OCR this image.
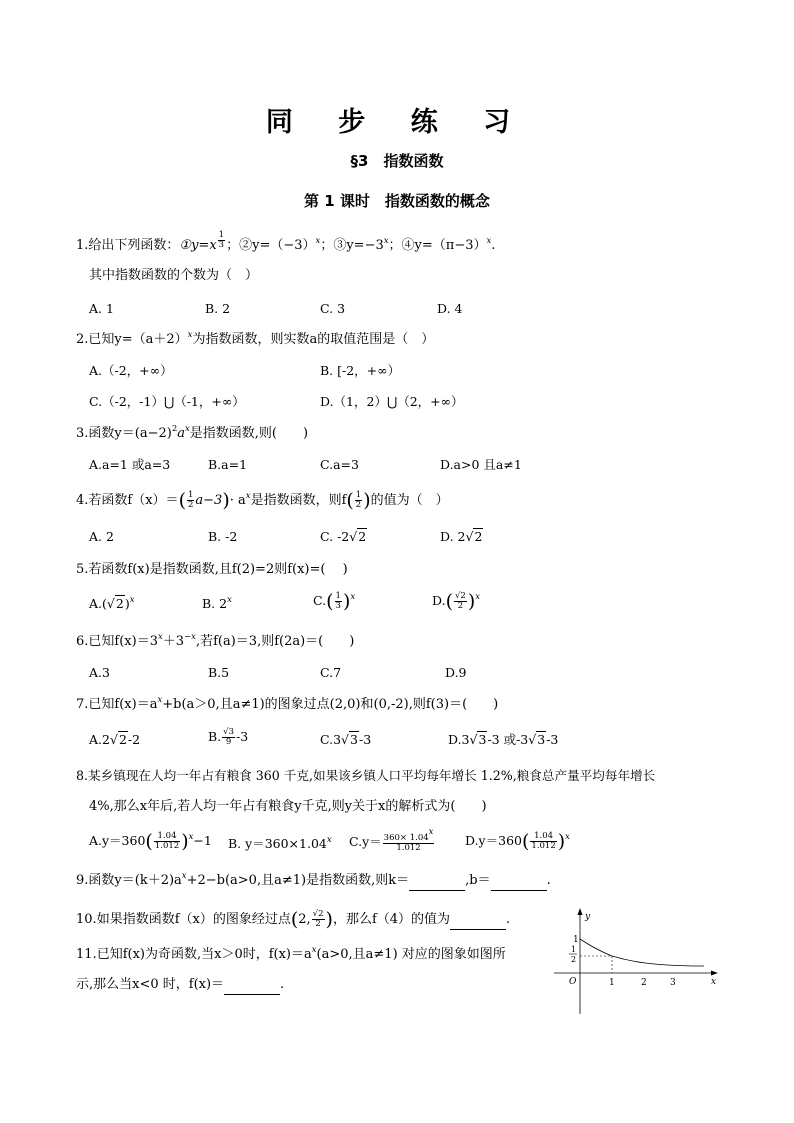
同 步 练 习
§3　指数函数
第 1 课时　指数函数的概念
1.给出下列函数：①y=x $^{\frac{1}{3}}$ ；$②y=(-3)^x$；$③y=-3^x$；$④y=(\pi-3)^x$.
其中指数函数的个数为（　）
A. 1	B. 2	C. 3	D. 4
2.已知$y=(a+2)^x$为指数函数，则实数a的取值范围是（　）
A.（-2，+∞）	B. [-2，+∞）
C.（-2，-1）⋃（-1，+∞）	D.（1，2）⋃（2，+∞）
3.函数$y=(a-2)^2a^x$是指数函数,则(　　)
A.a=1 或a=3	B.a=1	C.a=3	D.a>0 且a≠1
4.若函数$f(x)=( \frac{1}{2} a-3)\cdot a^x$是指数函数，则$f( \frac{1}{2}$ )的值为（　）
A. 2	B. -2	C. -2√2	D. 2√2
5.若函数f(x)是指数函数,且f(2)=2则f(x)=(　 )
$A.(√2)^x$	B. 2$^x$	$C.( \frac{1}{3} )^x$	$D.( \frac{√2}{2} )^x$
6.已知$f(x)=3^x+3^{-x}$,若f(a)＝3,则f(2a)＝(　　)
A.3	B.5	C.7	D.9
7.已知$f(x)=a^x+b(a>0$,且a≠1)的图象过点(2,0)和(0,-2),则f(3)＝(　　)
A.2√2-2	B. $\frac{√3}{9} -3$	C.3√3-3	D.3√3-3 或-3√3-3
8.某乡镇现在人均一年占有粮食 360 千克,如果该乡镇人口平均每年增长 1.2%,粮食总产量平均每年增长
4%,那么x年后,若人均一年占有粮食y千克,则y关于x的解析式为(　　)
$A.y=360( \frac{1.04}{1.012} )^x-1$ B. $y=360\times 1.04^x$ $C.y= \frac{360\times 1.04^x}{1.012} D.y=360( \frac{1.04}{1.012} )^x$
9.函数$y=(k+2)a^x+2-b(a>0$,且a≠1)是指数函数,则k＝	,b＝	.
10.如果指数函数f（x）的图象经过点(2, $\frac{√2}{2}$ )，那么f（4）的值为	.
11.已知f(x)为奇函数,当x＞0时，$f(x)=a^x(a>0$,且a≠1) 对应的图象如图所
示,那么当x<0 时，f(x)＝	.
y
x
O
1
1
2
1	2	3
